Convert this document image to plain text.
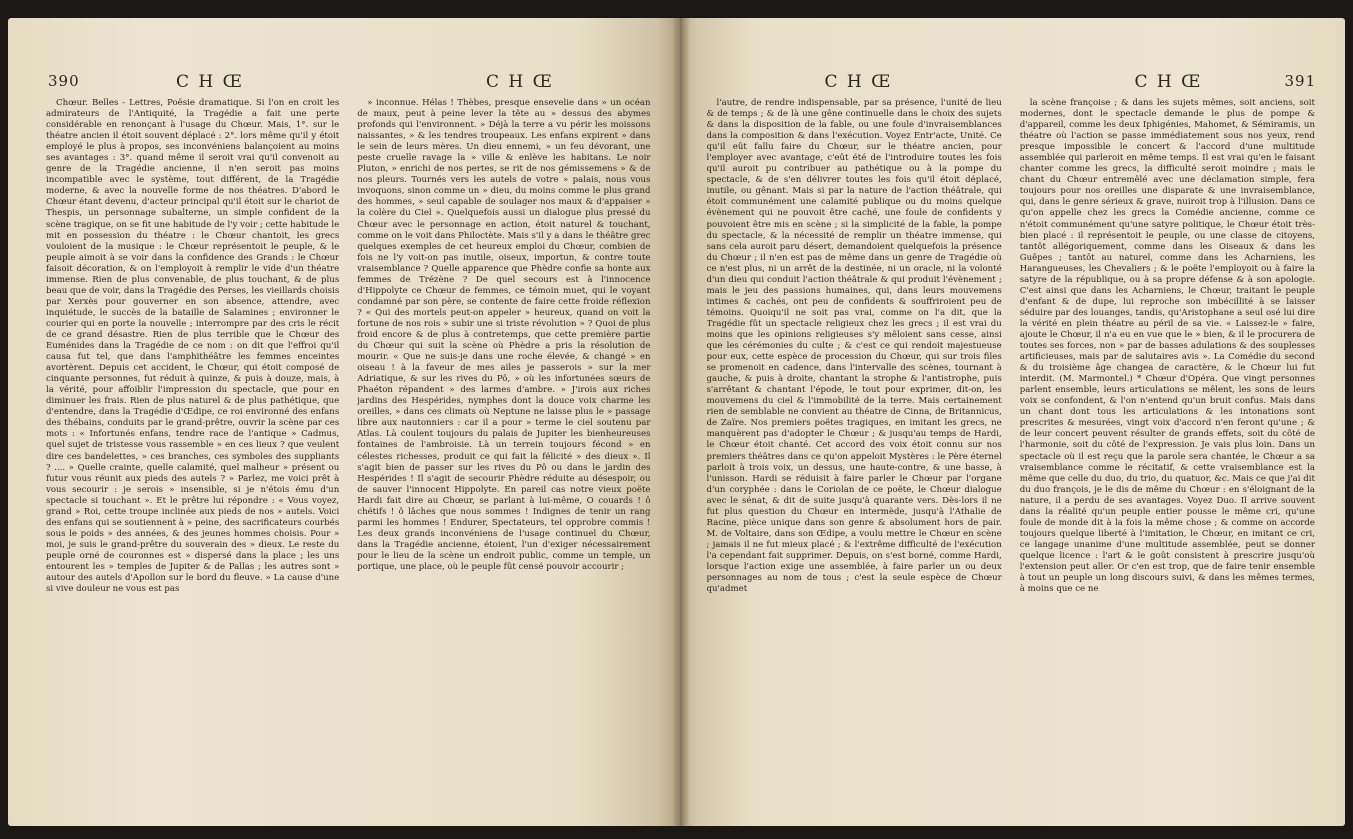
390	C H Œ	C H Œ

Chœur. Belles - Lettres, Poësie dramatique. Si l'on en croit les admirateurs de l'Antiquité, la Tragédie a fait une perte considérable en renonçant à l'usage du Chœur. Mais, 1°. sur le théatre ancien il étoit souvent déplacé : 2°. lors même qu'il y étoit employé le plus à propos, ses inconvéniens balançoient au moins ses avantages : 3°. quand même il seroit vrai qu'il convenoit au genre de la Tragédie ancienne, il n'en seroit pas moins incompatible avec le système, tout différent, de la Tragédie moderne, & avec la nouvelle forme de nos théatres. D'abord le Chœur étant devenu, d'acteur principal qu'il étoit sur le chariot de Thespis, un personnage subalterne, un simple confident de la scène tragique, on se fit une habitude de l'y voir ; cette habitude le mit en possession du théatre : le Chœur chantoit, les grecs vouloient de la musique : le Chœur représentoit le peuple, & le peuple aimoit à se voir dans la confidence des Grands : le Chœur faisoit décoration, & on l'employoit à remplir le vide d'un théatre immense. Rien de plus convenable, de plus touchant, & de plus beau que de voir, dans la Tragédie des Perses, les vieillards choisis par Xerxès pour gouverner en son absence, attendre, avec inquiétude, le succès de la bataille de Salamines ; environner le courier qui en porte la nouvelle ; interrompre par des cris le récit de ce grand désastre. Rien de plus terrible que le Chœur des Euménides dans la Tragédie de ce nom : on dit que l'effroi qu'il causa fut tel, que dans l'amphithéâtre les femmes enceintes avortèrent. Depuis cet accident, le Chœur, qui étoit composé de cinquante personnes, fut réduit à quinze, & puis à douze, mais, à la vérité, pour affoiblir l'impression du spectacle, que pour en diminuer les frais. Rien de plus naturel & de plus pathétique, que d'entendre, dans la Tragédie d'Œdipe, ce roi environné des enfans des thébains, conduits par le grand-prêtre, ouvrir la scène par ces mots : « Infortunés enfans, tendre race de l'antique » Cadmus, quel sujet de tristesse vous rassemble » en ces lieux ? que veulent dire ces bandelettes, » ces branches, ces symboles des suppliants ? .... » Quelle crainte, quelle calamité, quel malheur » présent ou futur vous réunit aux pieds des autels ? » Parlez, me voici prêt à vous secourir : je serois » insensible, si je n'étois ému d'un spectacle si touchant ». Et le prêtre lui répondre : « Vous voyez, grand » Roi, cette troupe inclinée aux pieds de nos » autels. Voici des enfans qui se soutiennent à » peine, des sacrificateurs courbés sous le poids » des années, & des jeunes hommes choisis. Pour » moi, je suis le grand-prêtre du souverain des » dieux. Le reste du peuple orné de couronnes est » dispersé dans la place ; les uns entourent les » temples de Jupiter & de Pallas ; les autres sont » autour des autels d'Apollon sur le bord du fleuve. » La cause d'une si vive douleur ne vous est pas

» inconnue. Hélas ! Thèbes, presque ensevelie dans » un océan de maux, peut à peine lever la tête au » dessus des abymes profonds qui l'environnent. » Déjà la terre a vu périr les moissons naissantes, » & les tendres troupeaux. Les enfans expirent » dans le sein de leurs mères. Un dieu ennemi, » un feu dévorant, une peste cruelle ravage la » ville & enlève les habitans. Le noir Pluton, » enrichi de nos pertes, se rit de nos gémissemens » & de nos pleurs. Tournés vers les autels de votre » palais, nous vous invoquons, sinon comme un » dieu, du moins comme le plus grand des hommes, » seul capable de soulager nos maux & d'appaiser » la colère du Ciel ». Quelquefois aussi un dialogue plus pressé du Chœur avec le personnage en action, étoit naturel & touchant, comme on le voit dans Philoctète. Mais s'il y a dans le théâtre grec quelques exemples de cet heureux emploi du Chœur, combien de fois ne l'y voit-on pas inutile, oiseux, importun, & contre toute vraisemblance ? Quelle apparence que Phèdre confie sa honte aux femmes de Trézène ? De quel secours est à l'innocence d'Hippolyte ce Chœur de femmes, ce témoin muet, qui le voyant condamné par son père, se contente de faire cette froide réflexion ? « Qui des mortels peut-on appeler » heureux, quand on voit la fortune de nos rois » subir une si triste révolution » ? Quoi de plus froid encore & de plus à contretemps, que cette première partie du Chœur qui suit la scène où Phèdre a pris la résolution de mourir. « Que ne suis-je dans une roche élevée, & changé » en oiseau ! à la faveur de mes ailes je passerois » sur la mer Adriatique, & sur les rives du Pô, » où les infortunées sœurs de Phaéton répandent » des larmes d'ambre. » J'irois aux riches jardins des Hespérides, nymphes dont la douce voix charme les oreilles, » dans ces climats où Neptune ne laisse plus le » passage libre aux nautonniers : car il a pour » terme le ciel soutenu par Atlas. Là coulent toujours du palais de Jupiter les bienheureuses fontaines de l'ambroisie. Là un terrein toujours fécond » en célestes richesses, produit ce qui fait la félicité » des dieux ». Il s'agit bien de passer sur les rives du Pô ou dans le jardin des Hespérides ! Il s'agit de secourir Phèdre réduite au désespoir, ou de sauver l'innocent Hippolyte. En pareil cas notre vieux poëte Hardi fait dire au Chœur, se parlant à lui-même, O couards ! ô chétifs ! ô lâches que nous sommes ! Indignes de tenir un rang parmi les hommes ! Endurer, Spectateurs, tel opprobre commis ! Les deux grands inconvéniens de l'usage continuel du Chœur, dans la Tragédie ancienne, étoient, l'un d'exiger nécessairement pour le lieu de la scène un endroit public, comme un temple, un portique, une place, où le peuple fût censé pouvoir accourir ;

C H Œ	C H Œ	391

l'autre, de rendre indispensable, par sa présence, l'unité de lieu & de temps ; & de là une gêne continuelle dans le choix des sujets & dans la disposition de la fable, ou une foule d'invraisemblances dans la composition & dans l'exécution. Voyez Entr'acte, Unité. Ce qu'il eût fallu faire du Chœur, sur le théatre ancien, pour l'employer avec avantage, c'eût été de l'introduire toutes les fois qu'il auroit pu contribuer au pathétique ou à la pompe du spectacle, & de s'en délivrer toutes les fois qu'il étoit déplacé, inutile, ou gênant. Mais si par la nature de l'action théâtrale, qui étoit communément une calamité publique ou du moins quelque évènement qui ne pouvoit être caché, une foule de confidents y pouvoient être mis en scène ; si la simplicité de la fable, la pompe du spectacle, & la nécessité de remplir un théatre immense, qui sans cela auroit paru désert, demandoient quelquefois la présence du Chœur ; il n'en est pas de même dans un genre de Tragédie où ce n'est plus, ni un arrêt de la destinée, ni un oracle, ni la volonté d'un dieu qui conduit l'action théâtrale & qui produit l'évènement ; mais le jeu des passions humaines, qui, dans leurs mouvemens intimes & cachés, ont peu de confidents & souffriroient peu de témoins. Quoiqu'il ne soit pas vrai, comme on l'a dit, que la Tragédie fût un spectacle religieux chez les grecs ; il est vrai du moins que les opinions religieuses s'y mêloient sans cesse, ainsi que les cérémonies du culte ; & c'est ce qui rendoit majestueuse pour eux, cette espèce de procession du Chœur, qui sur trois files se promenoit en cadence, dans l'intervalle des scènes, tournant à gauche, & puis à droite, chantant la strophe & l'antistrophe, puis s'arrêtant & chantant l'épode, le tout pour exprimer, dit-on, les mouvemens du ciel & l'immobilité de la terre. Mais certainement rien de semblable ne convient au théatre de Cinna, de Britannicus, de Zaïre. Nos premiers poëtes tragiques, en imitant les grecs, ne manquèrent pas d'adopter le Chœur ; & jusqu'au temps de Hardi, le Chœur étoit chanté. Cet accord des voix étoit connu sur nos premiers théâtres dans ce qu'on appeloit Mystères : le Père éternel parloit à trois voix, un dessus, une haute-contre, & une basse, à l'unisson. Hardi se réduisit à faire parler le Chœur par l'organe d'un coryphée : dans le Coriolan de ce poëte, le Chœur dialogue avec le sénat, & dit de suite jusqu'à quarante vers. Dès-lors il ne fut plus question du Chœur en intermède, jusqu'à l'Athalie de Racine, pièce unique dans son genre & absolument hors de pair. M. de Voltaire, dans son Œdipe, a voulu mettre le Chœur en scène ; jamais il ne fut mieux placé ; & l'extrême difficulté de l'exécution l'a cependant fait supprimer. Depuis, on s'est borné, comme Hardi, lorsque l'action exige une assemblée, à faire parler un ou deux personnages au nom de tous ; c'est la seule espèce de Chœur qu'admet

la scène françoise ; & dans les sujets mêmes, soit anciens, soit modernes, dont le spectacle demande le plus de pompe & d'appareil, comme les deux Iphigénies, Mahomet, & Sémiramis, un théatre où l'action se passe immédiatement sous nos yeux, rend presque impossible le concert & l'accord d'une multitude assemblée qui parleroit en même temps. Il est vrai qu'en le faisant chanter comme les grecs, la difficulté seroit moindre ; mais le chant du Chœur entremêlé avec une déclamation simple, fera toujours pour nos oreilles une disparate & une invraisemblance, qui, dans le genre sérieux & grave, nuiroit trop à l'illusion. Dans ce qu'on appelle chez les grecs la Comédie ancienne, comme ce n'étoit communément qu'une satyre politique, le Chœur étoit très-bien placé : il représentoit le peuple, ou une classe de citoyens, tantôt allégoriquement, comme dans les Oiseaux & dans les Guêpes ; tantôt au naturel, comme dans les Acharniens, les Harangueuses, les Chevaliers ; & le poëte l'employoit ou à faire la satyre de la république, ou à sa propre défense & à son apologie. C'est ainsi que dans les Acharniens, le Chœur, traitant le peuple d'enfant & de dupe, lui reproche son imbécillité à se laisser séduire par des louanges, tandis, qu'Aristophane a seul osé lui dire la vérité en plein théatre au péril de sa vie. « Laissez-le » faire, ajoute le Chœur, il n'a eu en vue que le » bien, & il le procurera de toutes ses forces, non » par de basses adulations & des souplesses artificieuses, mais par de salutaires avis ». La Comédie du second & du troisième âge changea de caractère, & le Chœur lui fut interdit. (M. Marmontel.) * Chœur d'Opéra. Que vingt personnes parlent ensemble, leurs articulations se mêlent, les sons de leurs voix se confondent, & l'on n'entend qu'un bruit confus. Mais dans un chant dont tous les articulations & les intonations sont prescrites & mesurées, vingt voix d'accord n'en feront qu'une ; & de leur concert peuvent résulter de grands effets, soit du côté de l'harmonie, soit du côté de l'expression. Je vais plus loin. Dans un spectacle où il est reçu que la parole sera chantée, le Chœur a sa vraisemblance comme le récitatif, & cette vraisemblance est la même que celle du duo, du trio, du quatuor, &c. Mais ce que j'ai dit du duo françois, je le dis de même du Chœur : en s'éloignant de la nature, il a perdu de ses avantages. Voyez Duo. Il arrive souvent dans la réalité qu'un peuple entier pousse le même cri, qu'une foule de monde dit à la fois la même chose ; & comme on accorde toujours quelque liberté à l'imitation, le Chœur, en imitant ce cri, ce langage unanime d'une multitude assemblée, peut se donner quelque licence : l'art & le goût consistent à prescrire jusqu'où l'extension peut aller. Or c'en est trop, que de faire tenir ensemble à tout un peuple un long discours suivi, & dans les mêmes termes, à moins que ce ne
